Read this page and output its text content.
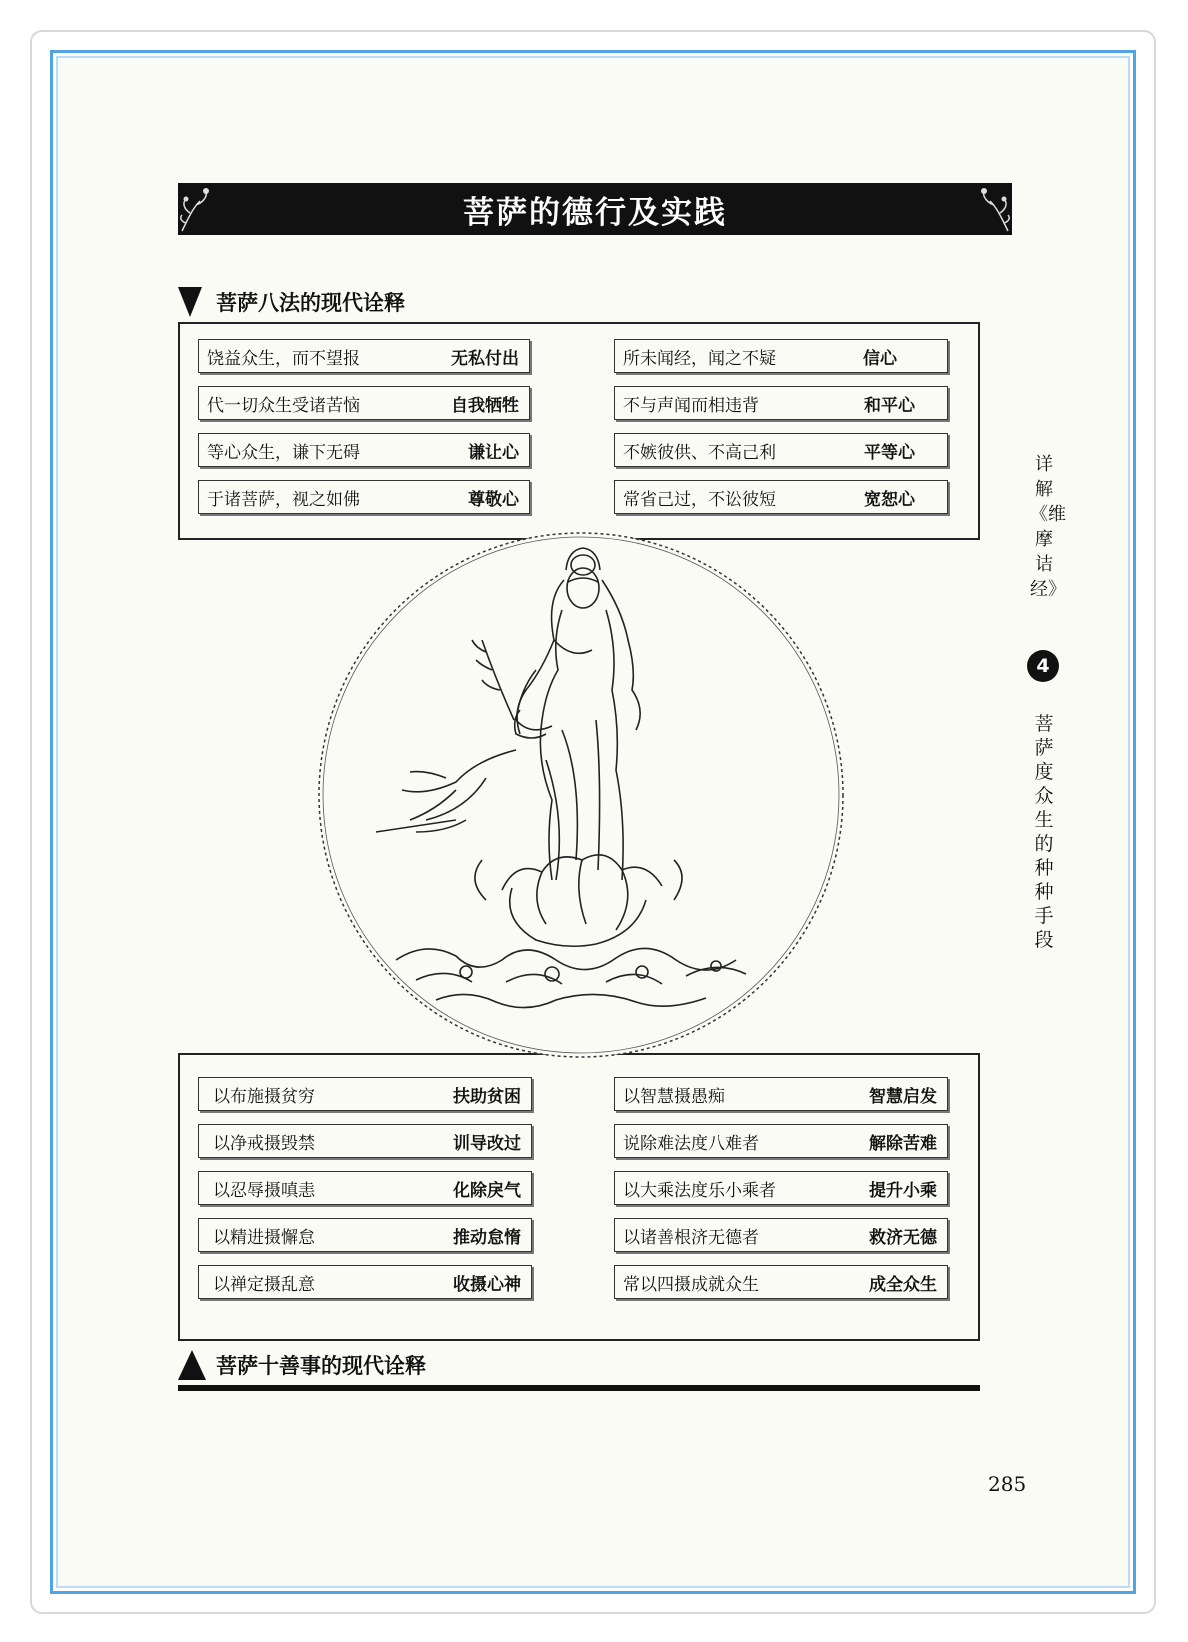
菩萨的德行及实践
菩萨八法的现代诠释
饶益众生，而不望报	无私付出
代一切众生受诸苦恼	自我牺牲
等心众生，谦下无碍	谦让心
于诸菩萨，视之如佛	尊敬心
所未闻经，闻之不疑	信心
不与声闻而相违背	和平心
不嫉彼供、不高己利	平等心
常省己过，不讼彼短	宽恕心
以布施摄贫穷	扶助贫困
以净戒摄毁禁	训导改过
以忍辱摄嗔恚	化除戾气
以精进摄懈怠	推动怠惰
以禅定摄乱意	收摄心神
以智慧摄愚痴	智慧启发
说除难法度八难者	解除苦难
以大乘法度乐小乘者	提升小乘
以诸善根济无德者	救济无德
常以四摄成就众生	成全众生
菩萨十善事的现代诠释
详解《维摩诘经》
4
菩萨度众生的种种手段
285
